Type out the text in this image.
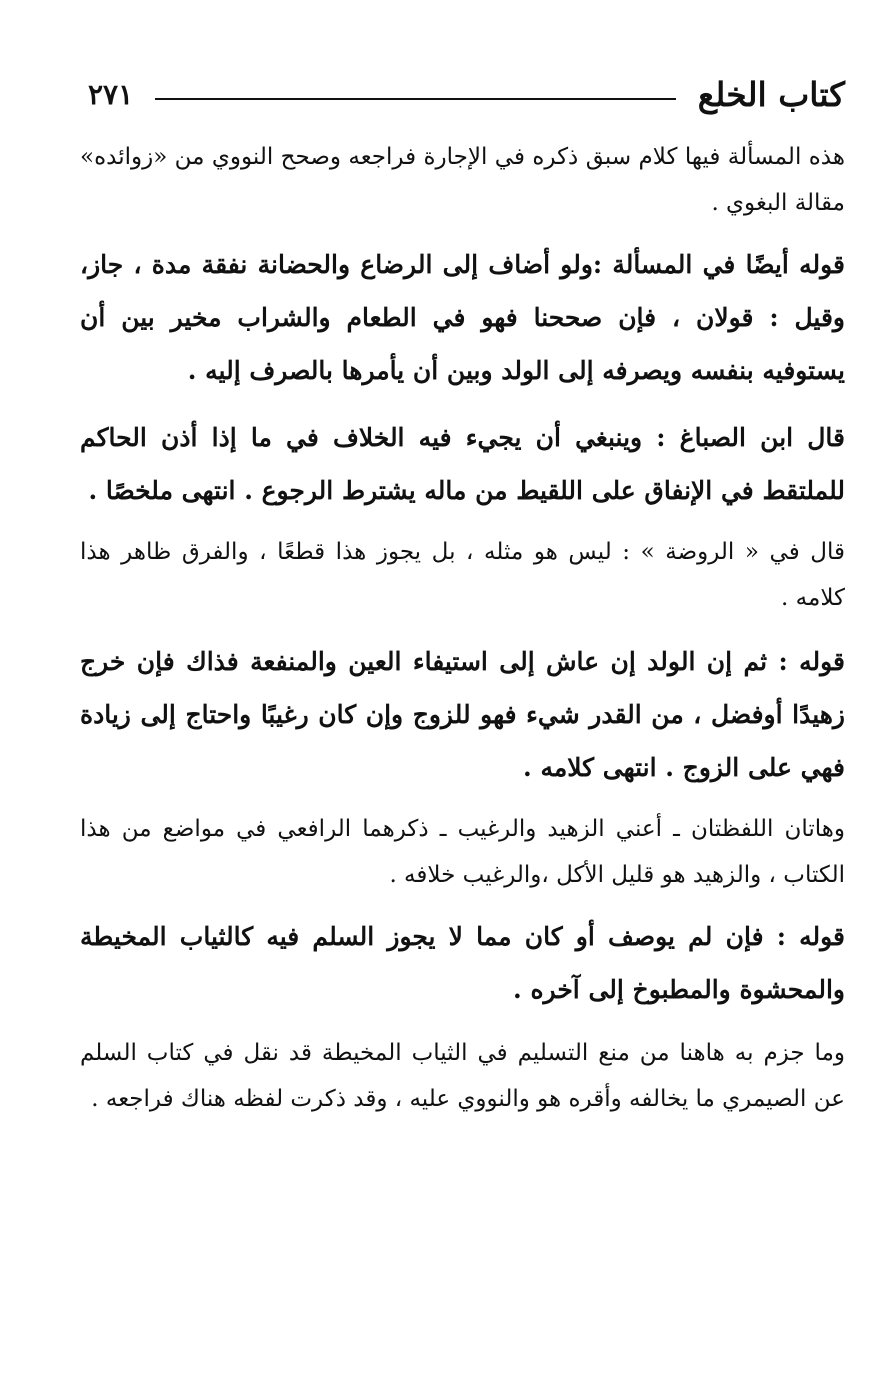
كتاب الخلع
٢٧١

هذه المسألة فيها كلام سبق ذكره في الإجارة فراجعه وصحح النووي من «زوائده» مقالة البغوي .

قوله أيضًا في المسألة :ولو أضاف إلى الرضاع والحضانة نفقة مدة ، جاز، وقيل : قولان ، فإن صححنا فهو في الطعام والشراب مخير بين أن يستوفيه بنفسه ويصرفه إلى الولد وبين أن يأمرها بالصرف إليه .

قال ابن الصباغ : وينبغي أن يجيء فيه الخلاف في ما إذا أذن الحاكم للملتقط في الإنفاق على اللقيط من ماله يشترط الرجوع . انتهى ملخصًا .

قال في « الروضة » : ليس هو مثله ، بل يجوز هذا قطعًا ، والفرق ظاهر هذا كلامه .

قوله : ثم إن الولد إن عاش إلى استيفاء العين والمنفعة فذاك فإن خرج زهيدًا أوفضل ، من القدر شيء فهو للزوج وإن كان رغيبًا واحتاج إلى زيادة فهي على الزوج . انتهى كلامه .

وهاتان اللفظتان ـ أعني الزهيد والرغيب ـ ذكرهما الرافعي في مواضع من هذا الكتاب ، والزهيد هو قليل الأكل ،والرغيب خلافه .

قوله : فإن لم يوصف أو كان مما لا يجوز السلم فيه كالثياب المخيطة والمحشوة والمطبوخ إلى آخره .

وما جزم به هاهنا من منع التسليم في الثياب المخيطة قد نقل في كتاب السلم عن الصيمري ما يخالفه وأقره هو والنووي عليه ، وقد ذكرت لفظه هناك فراجعه .
